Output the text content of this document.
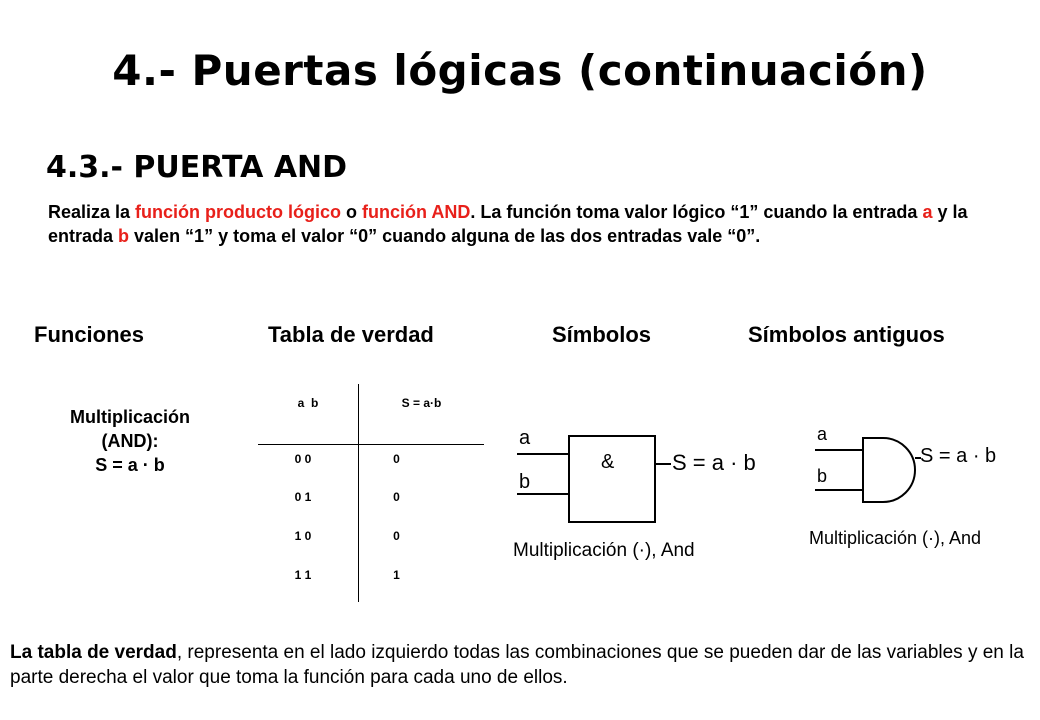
4.- Puertas lógicas (continuación)
4.3.- PUERTA AND
Realiza la función producto lógico o función AND. La función toma valor lógico “1” cuando la entrada a y la entrada b valen “1” y toma el valor “0” cuando alguna de las dos entradas vale “0”.
Funciones	Tabla de verdad	Símbolos	Símbolos antiguos
Multiplicación
(AND):
S = a · b
a  b	S = a·b
0 0	0
0 1	0
1 0	0
1 1	1
a
b
&	S = a · b
Multiplicación (·), And
a
b
S = a · b
Multiplicación (·), And
La tabla de verdad, representa en el lado izquierdo todas las combinaciones que se pueden dar de las variables y en la parte derecha el valor que toma la función para cada uno de ellos.
